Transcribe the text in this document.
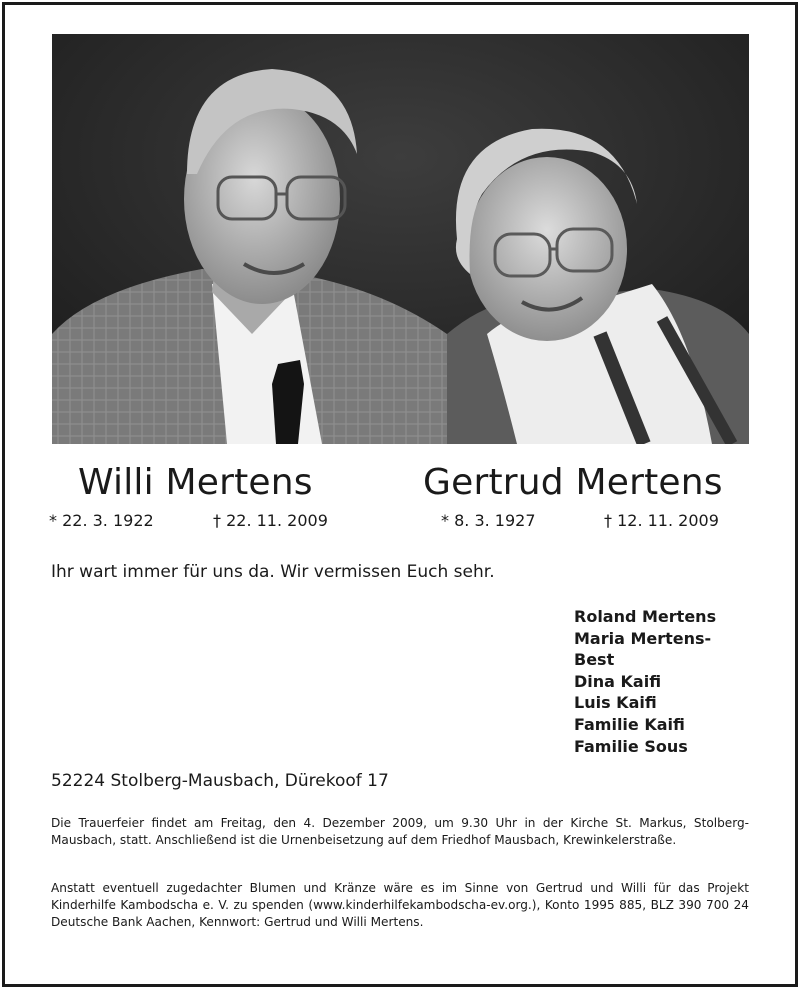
Willi Mertens	Gertrud Mertens
* 22. 3. 1922	† 22. 11. 2009	* 8. 3. 1927	† 12. 11. 2009
Ihr wart immer für uns da. Wir vermissen Euch sehr.
Roland Mertens
Maria Mertens-Best
Dina Kaifi
Luis Kaifi
Familie Kaifi
Familie Sous
52224 Stolberg-Mausbach, Dürekoof 17
Die Trauerfeier findet am Freitag, den 4. Dezember 2009, um 9.30 Uhr in der Kirche St. Markus, Stolberg-Mausbach, statt. Anschließend ist die Urnenbeisetzung auf dem Friedhof Mausbach, Krewinkelerstraße.
Anstatt eventuell zugedachter Blumen und Kränze wäre es im Sinne von Gertrud und Willi für das Projekt Kinderhilfe Kambodscha e. V. zu spenden (www.kinderhilfekambodscha-ev.org.), Konto 1995 885, BLZ 390 700 24 Deutsche Bank Aachen, Kennwort: Gertrud und Willi Mertens.
